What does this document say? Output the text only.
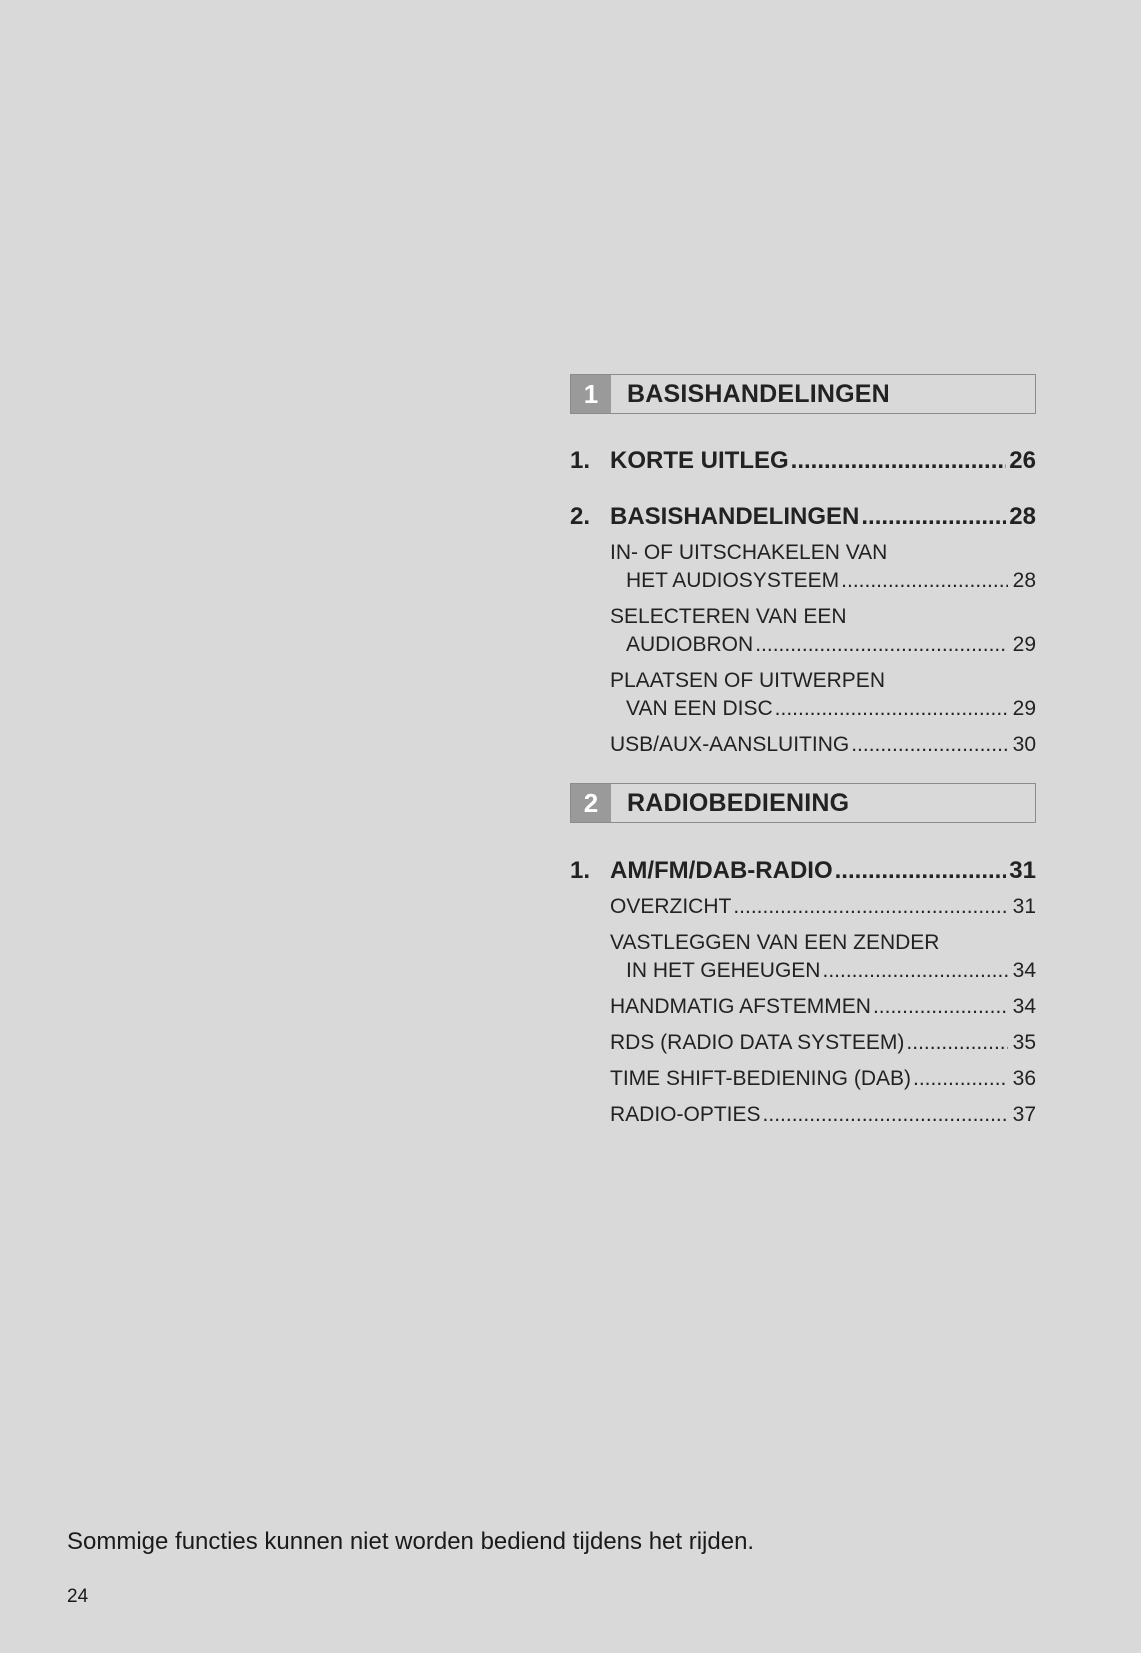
1	BASISHANDELINGEN
1. KORTE UITLEG .....	26
2. BASISHANDELINGEN .....	28
IN- OF UITSCHAKELEN VAN
HET AUDIOSYSTEEM .....	28
SELECTEREN VAN EEN
AUDIOBRON .....	29
PLAATSEN OF UITWERPEN
VAN EEN DISC .....	29
USB/AUX-AANSLUITING .....	30
2	RADIOBEDIENING
1. AM/FM/DAB-RADIO .....	31
OVERZICHT .....	31
VASTLEGGEN VAN EEN ZENDER
IN HET GEHEUGEN .....	34
HANDMATIG AFSTEMMEN .....	34
RDS (RADIO DATA SYSTEEM) .....	35
TIME SHIFT-BEDIENING (DAB) .....	36
RADIO-OPTIES .....	37
Sommige functies kunnen niet worden bediend tijdens het rijden.
24
